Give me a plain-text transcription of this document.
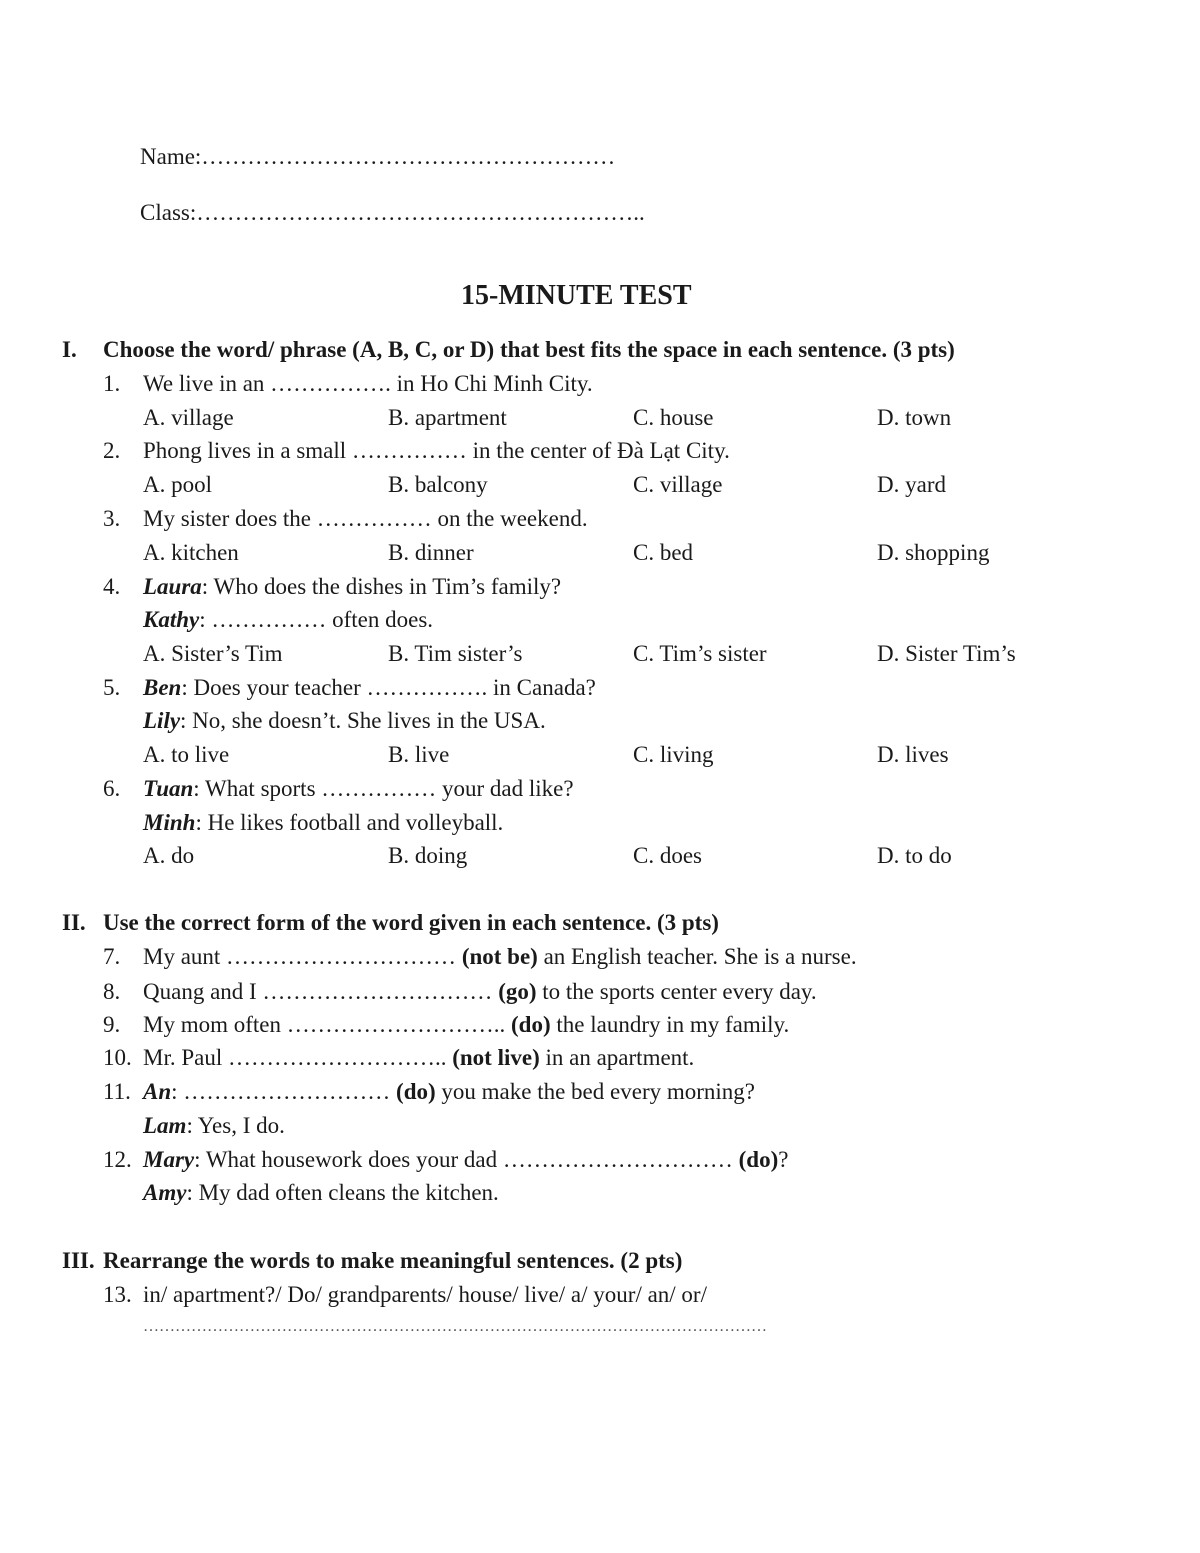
Name:………………………………………………
Class:…………………………………………………..
15-MINUTE TEST
I. Choose the word/ phrase (A, B, C, or D) that best fits the space in each sentence. (3 pts)
1. We live in an ……………. in Ho Chi Minh City.
A. village	B. apartment	C. house	D. town
2. Phong lives in a small …………… in the center of Đà Lạt City.
A. pool	B. balcony	C. village	D. yard
3. My sister does the …………… on the weekend.
A. kitchen	B. dinner	C. bed	D. shopping
4. Laura: Who does the dishes in Tim’s family?
Kathy: …………… often does.
A. Sister’s Tim	B. Tim sister’s	C. Tim’s sister	D. Sister Tim’s
5. Ben: Does your teacher ……………. in Canada?
Lily: No, she doesn’t. She lives in the USA.
A. to live	B. live	C. living	D. lives
6. Tuan: What sports …………… your dad like?
Minh: He likes football and volleyball.
A. do	B. doing	C. does	D. to do
II. Use the correct form of the word given in each sentence. (3 pts)
7. My aunt ………………………… (not be) an English teacher. She is a nurse.
8. Quang and I ………………………… (go) to the sports center every day.
9. My mom often ……………………….. (do) the laundry in my family.
10. Mr. Paul ……………………….. (not live) in an apartment.
11. An: ……………………… (do) you make the bed every morning?
Lam: Yes, I do.
12. Mary: What housework does your dad ………………………… (do)?
Amy: My dad often cleans the kitchen.
III. Rearrange the words to make meaningful sentences. (2 pts)
13. in/ apartment?/ Do/ grandparents/ house/ live/ a/ your/ an/ or/
………………………………………………………………………………………………………
